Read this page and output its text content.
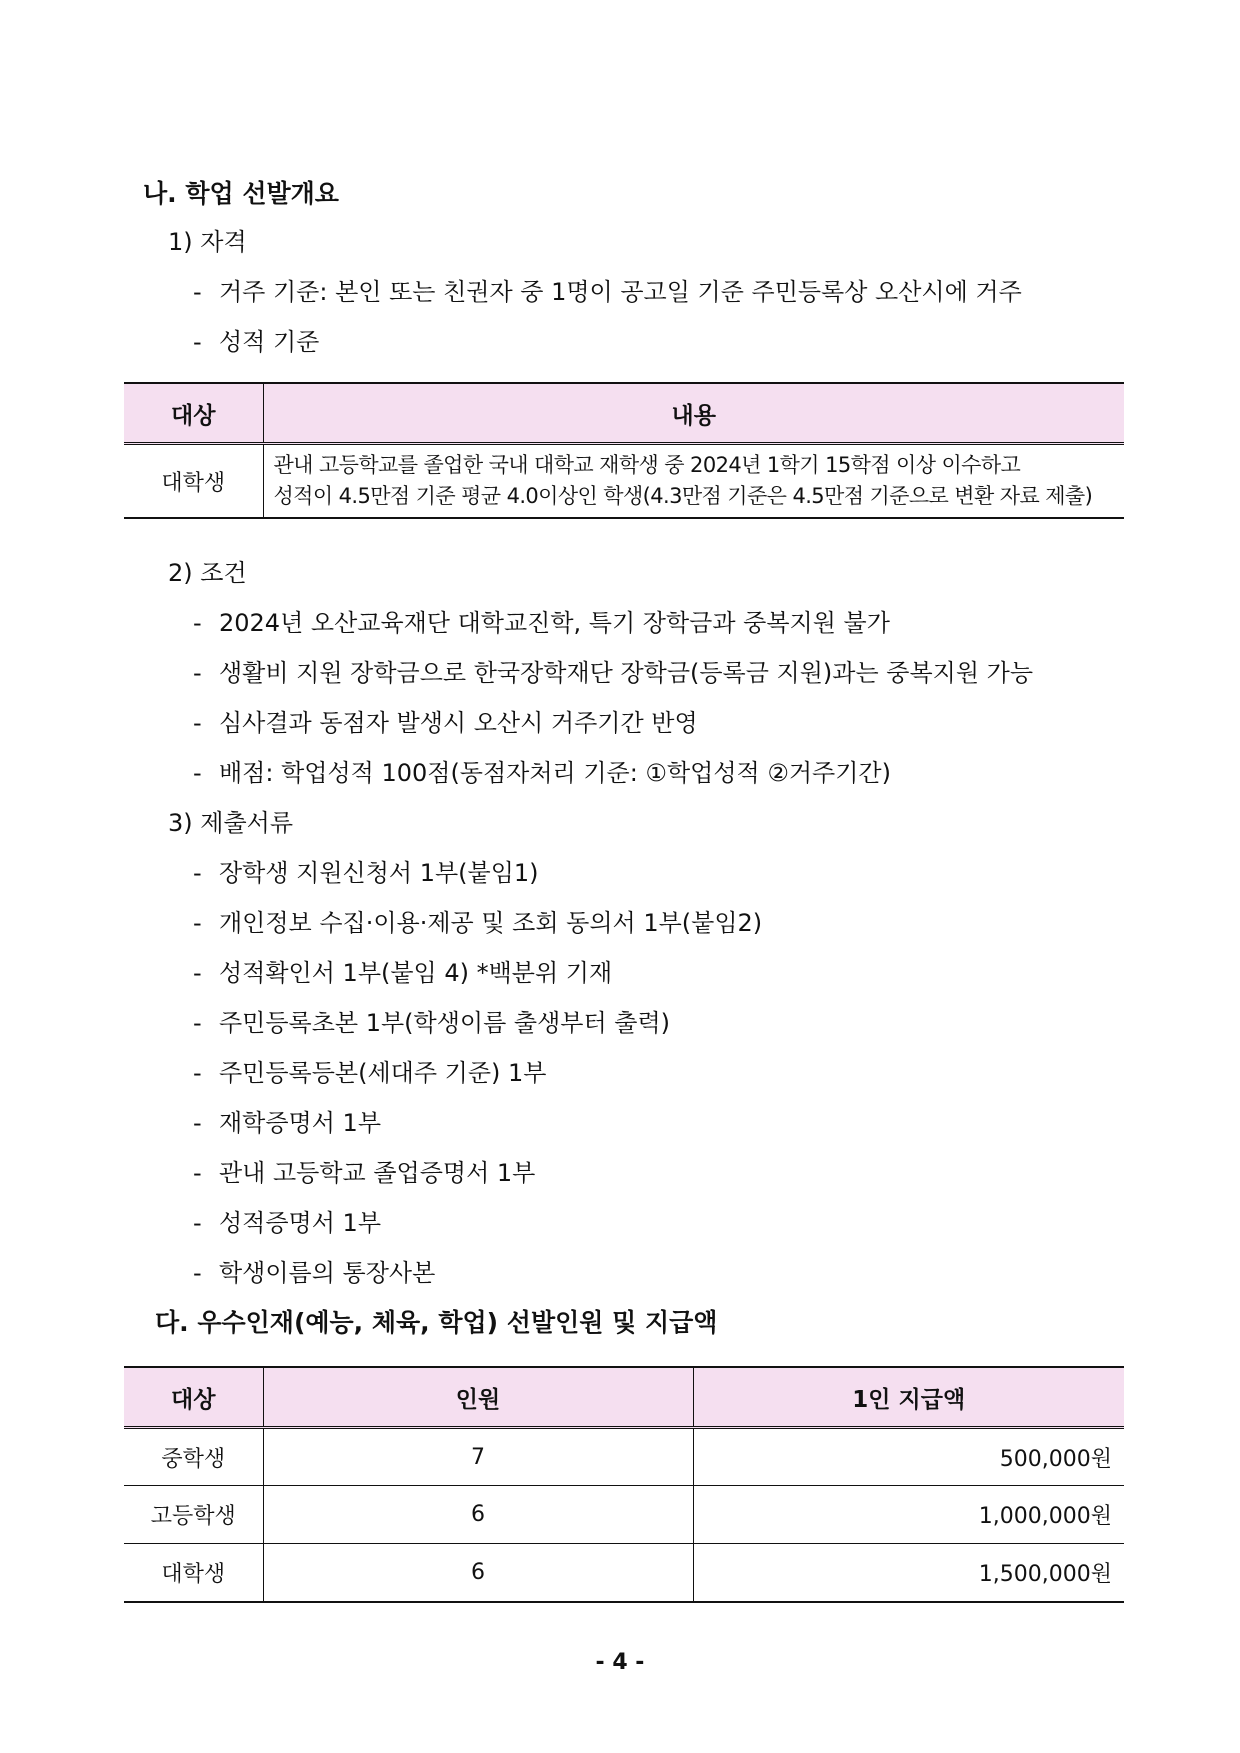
나. 학업 선발개요
1) 자격
- 거주 기준: 본인 또는 친권자 중 1명이 공고일 기준 주민등록상 오산시에 거주
- 성적 기준
대상	내용
대학생	관내 고등학교를 졸업한 국내 대학교 재학생 중 2024년 1학기 15학점 이상 이수하고
성적이 4.5만점 기준 평균 4.0이상인 학생(4.3만점 기준은 4.5만점 기준으로 변환 자료 제출)
2) 조건
- 2024년 오산교육재단 대학교진학, 특기 장학금과 중복지원 불가
- 생활비 지원 장학금으로 한국장학재단 장학금(등록금 지원)과는 중복지원 가능
- 심사결과 동점자 발생시 오산시 거주기간 반영
- 배점: 학업성적 100점(동점자처리 기준: ①학업성적 ②거주기간)
3) 제출서류
- 장학생 지원신청서 1부(붙임1)
- 개인정보 수집·이용·제공 및 조회 동의서 1부(붙임2)
- 성적확인서 1부(붙임 4) *백분위 기재
- 주민등록초본 1부(학생이름 출생부터 출력)
- 주민등록등본(세대주 기준) 1부
- 재학증명서 1부
- 관내 고등학교 졸업증명서 1부
- 성적증명서 1부
- 학생이름의 통장사본
다. 우수인재(예능, 체육, 학업) 선발인원 및 지급액
대상	인원	1인 지급액
중학생	7	500,000원
고등학생	6	1,000,000원
대학생	6	1,500,000원
- 4 -
